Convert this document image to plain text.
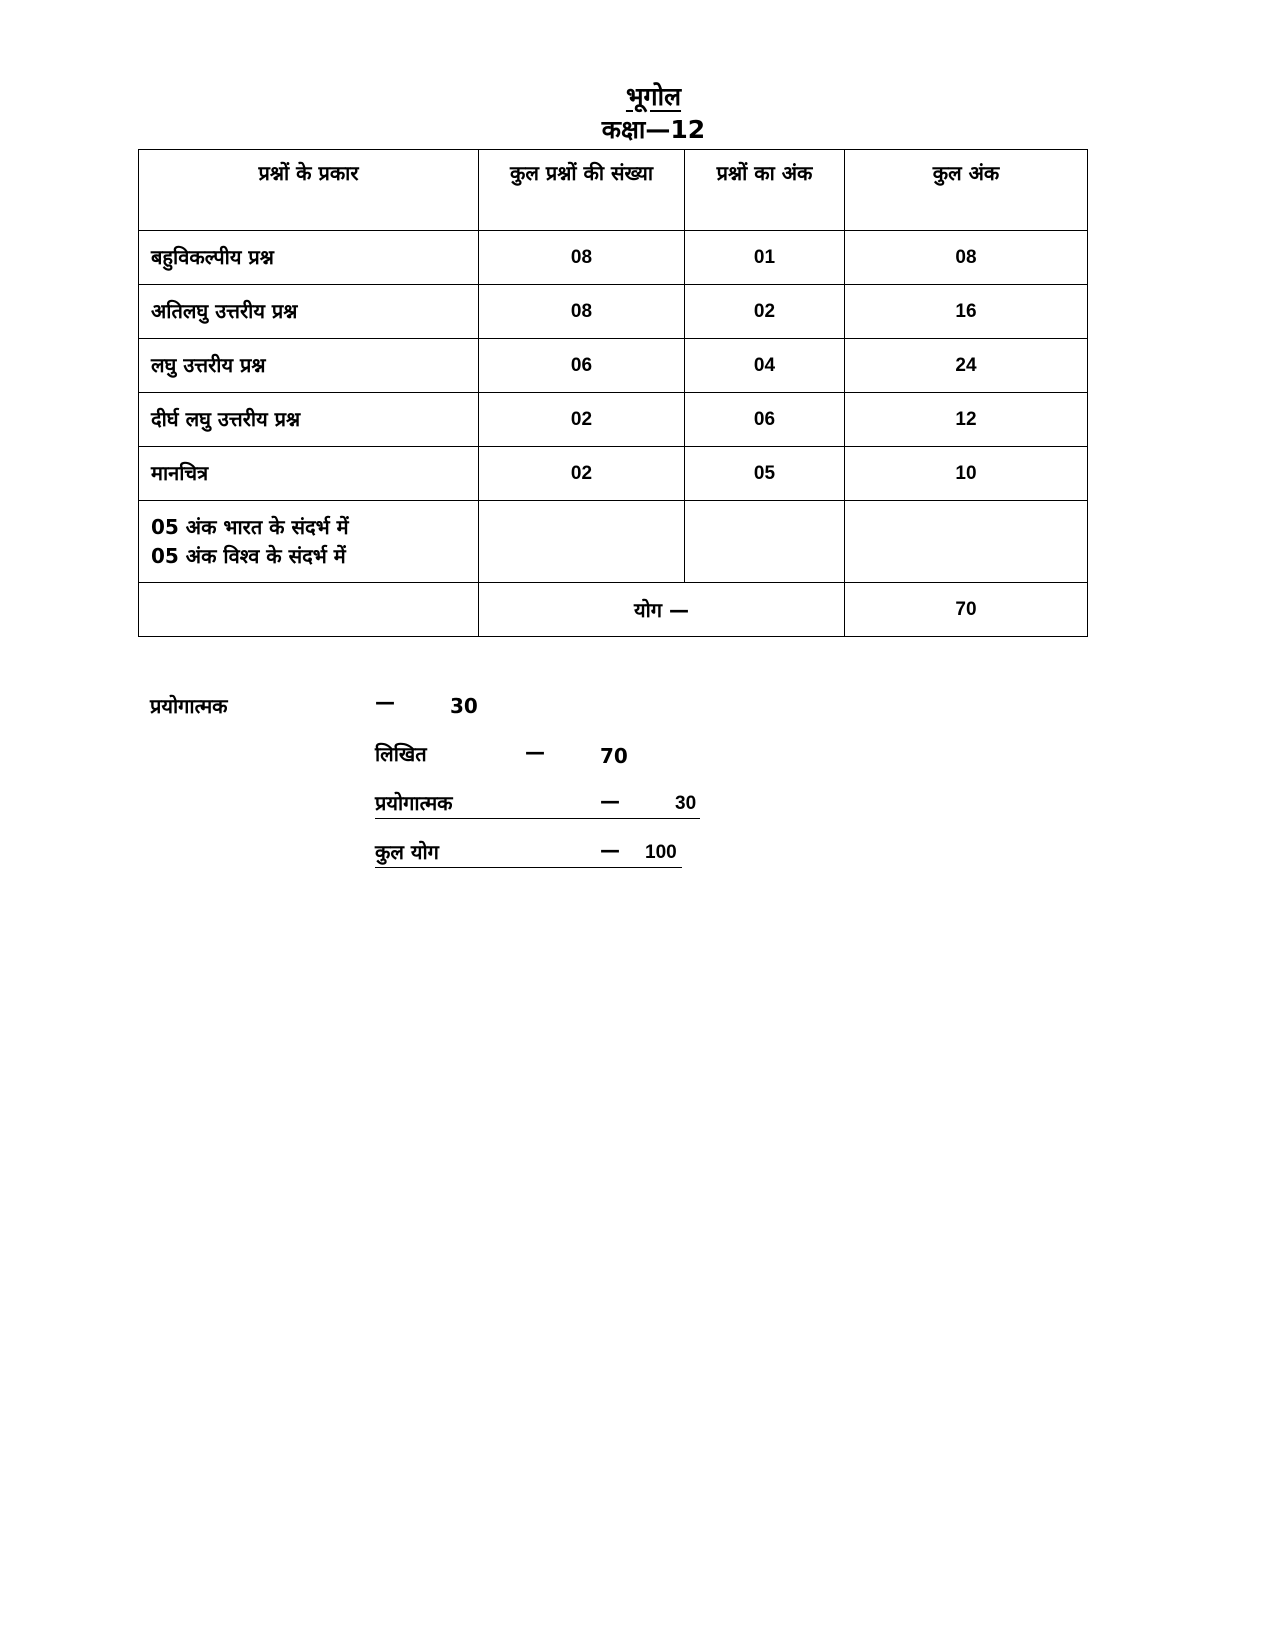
भूगोल
कक्षा—12
प्रश्नों के प्रकार	कुल प्रश्नों की संख्या	प्रश्नों का अंक	कुल अंक
बहुविकल्पीय प्रश्न	08	01	08
अतिलघु उत्तरीय प्रश्न	08	02	16
लघु उत्तरीय प्रश्न	06	04	24
दीर्घ लघु उत्तरीय प्रश्न	02	06	12
मानचित्र	02	05	10

05 अंक भारत के संदर्भ में
05 अंक विश्व के संदर्भ में			

	योग —		70
प्रयोगात्मक	—	30
लिखित	—	70
प्रयोगात्मक	—	30
कुल योग	— 100
